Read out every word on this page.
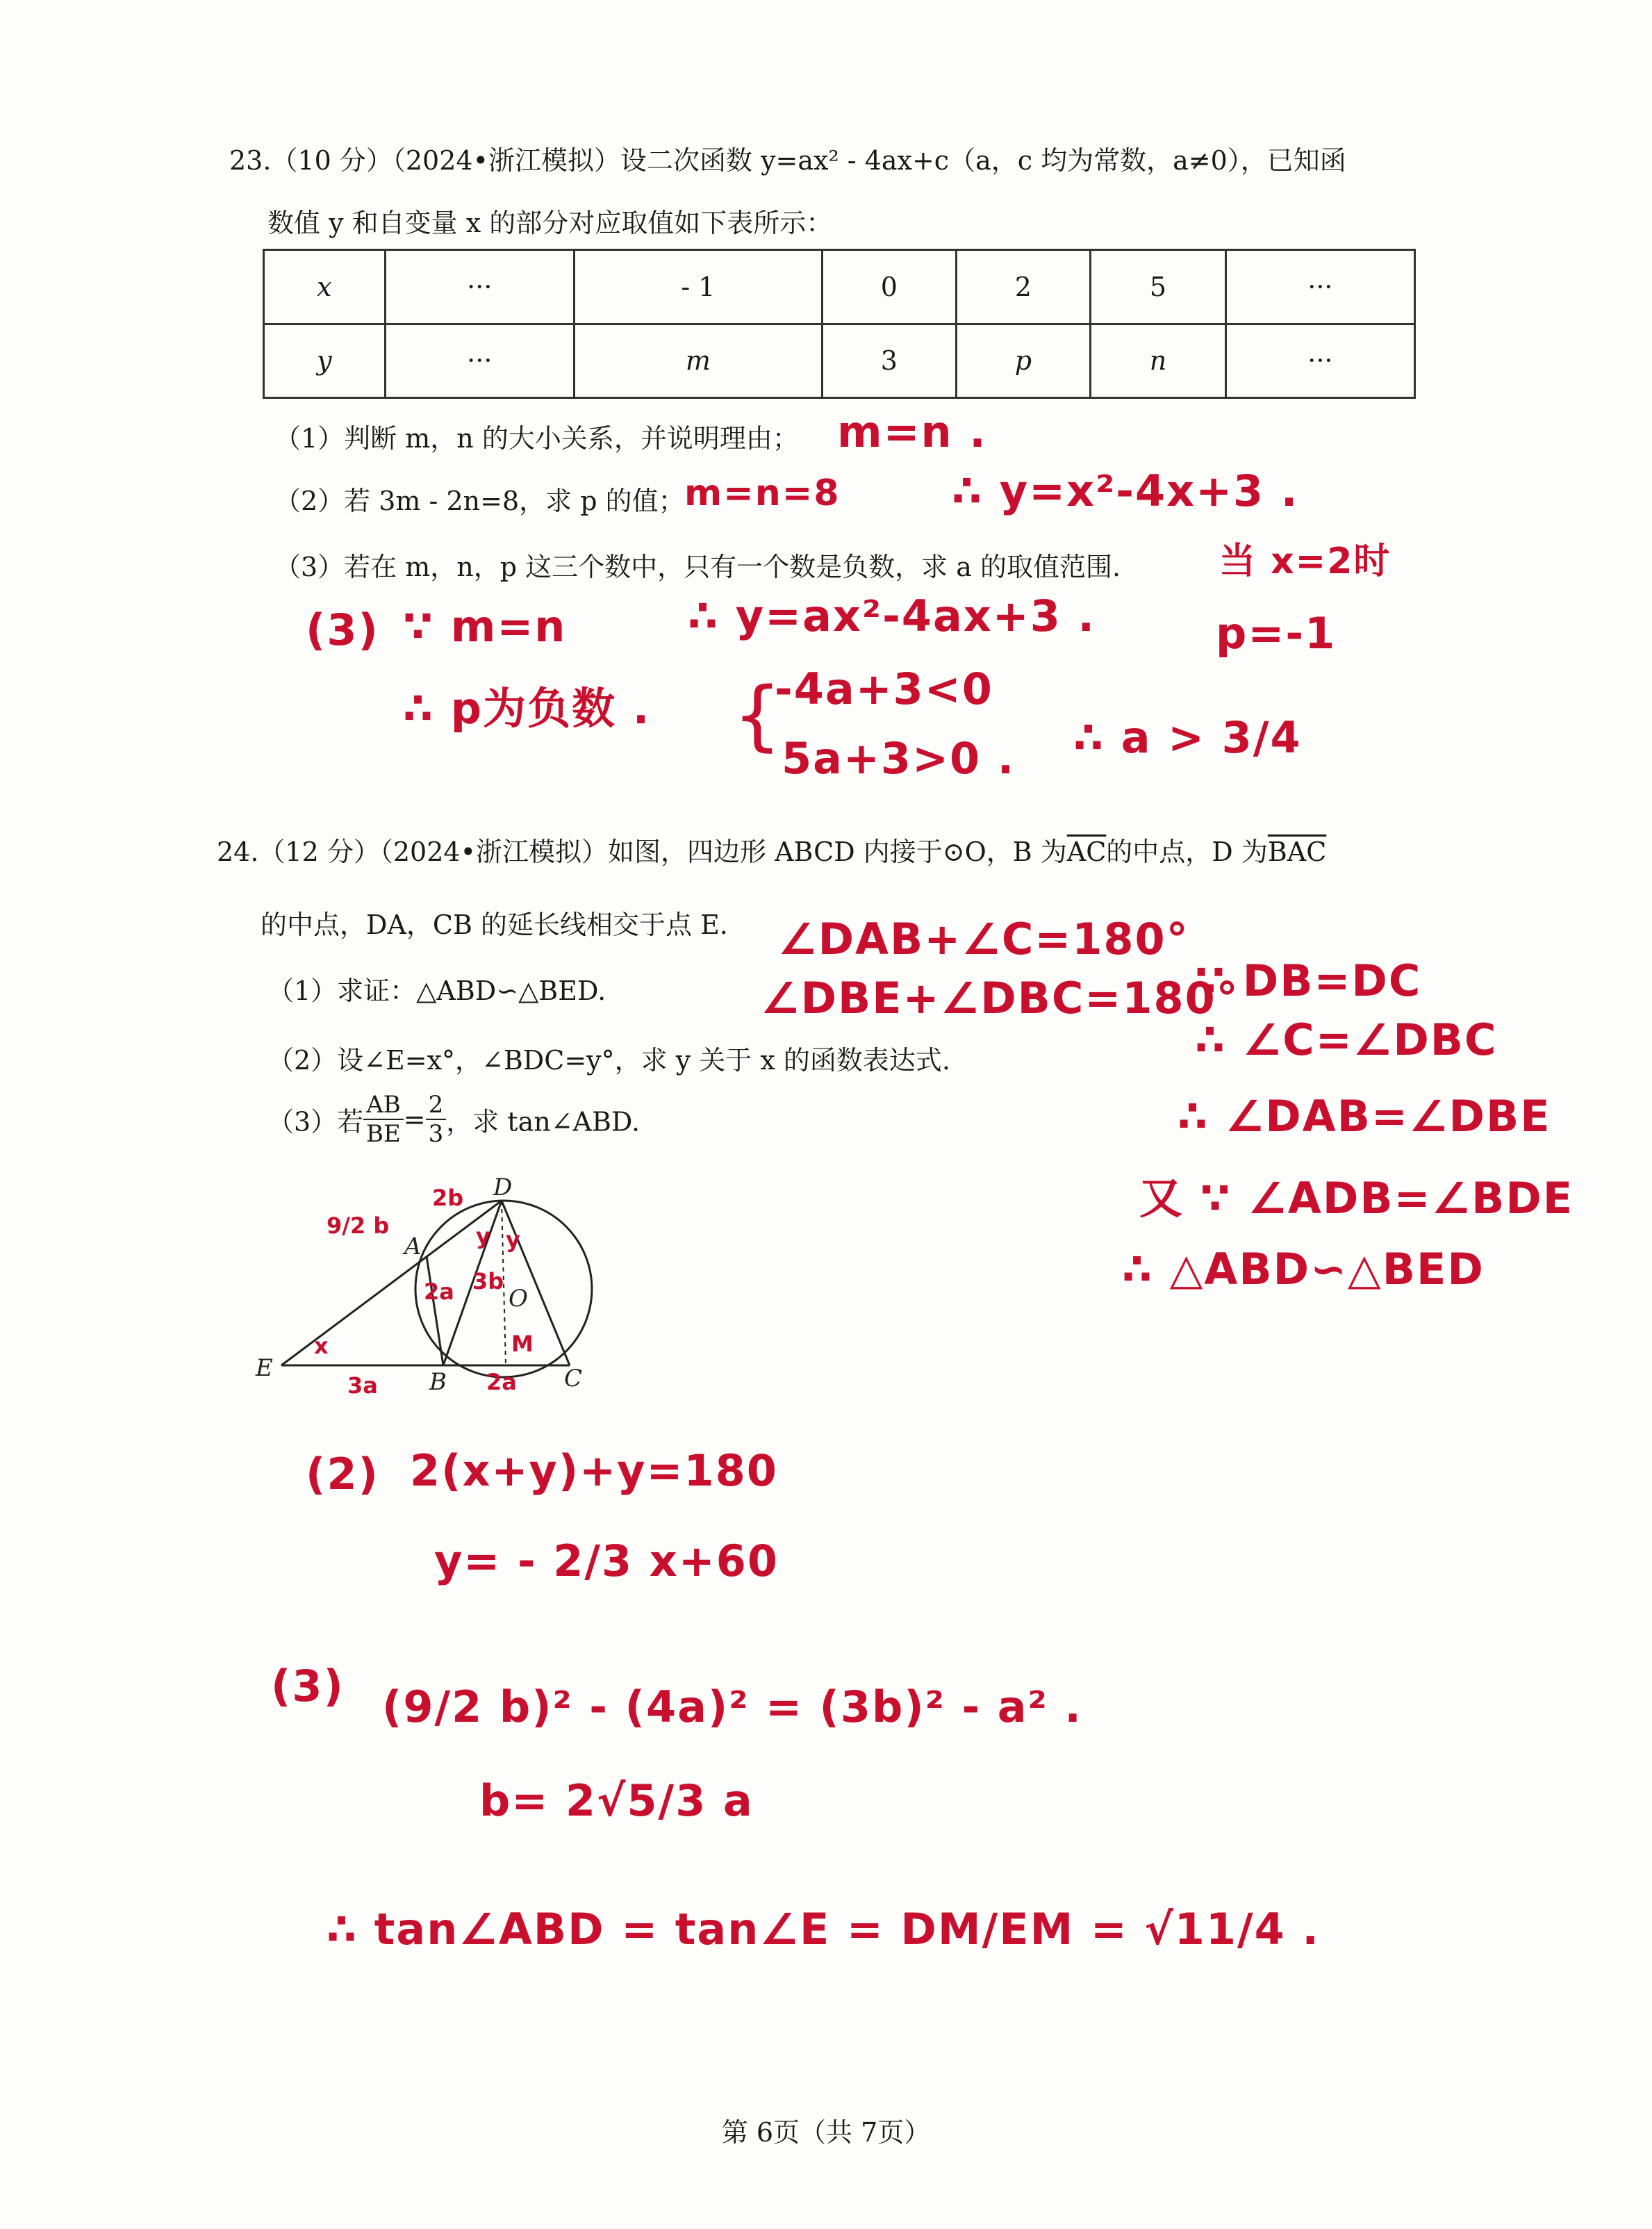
23.（10 分）（2024•浙江模拟）设二次函数 y=ax² - 4ax+c（a，c 均为常数，a≠0），已知函
数值 y 和自变量 x 的部分对应取值如下表所示：
x	···	- 1	0	2	5	···
y	···	m	3	p	n	···
（1）判断 m，n 的大小关系，并说明理由；
（2）若 3m - 2n=8，求 p 的值；
（3）若在 m，n，p 这三个数中，只有一个数是负数，求 a 的取值范围.
m=n .
m=n=8	∴ y=x²-4x+3 .
当 x=2时
(3) ∵ m=n	∴ y=ax²-4ax+3 .	p=-1
∴ p为负数 . {
-4a+3<0
5a+3>0 . ∴ a > 3/4
24.（12 分）（2024•浙江模拟）如图，四边形 ABCD 内接于⊙O，B 为$\overline{AC}$的中点，D 为$\overline{BAC}$
的中点，DA，CB 的延长线相交于点 E.
（1）求证：△ABD∽△BED.
（2）设∠E=x°，∠BDC=y°，求 y 关于 x 的函数表达式.
（3）若 $\frac{AB}{BE}= \frac{2}{3}$，求 tan∠ABD.
D
A
O
E	B	C
9/2 b
2b
2a 3b
3a	2a
y y
x	M
∠DAB+∠C=180°
∠DBE+∠DBC=180°
∵ DB=DC
∴ ∠C=∠DBC
∴ ∠DAB=∠DBE
又 ∵ ∠ADB=∠BDE
∴ △ABD∽△BED
(2) 2(x+y)+y=180
y= - 2/3 x+60
(3) (9/2 b)² - (4a)² = (3b)² - a² .
b= 2√5/3 a
∴ tan∠ABD = tan∠E = DM/EM = √11/4 .
第 6页（共 7页）
